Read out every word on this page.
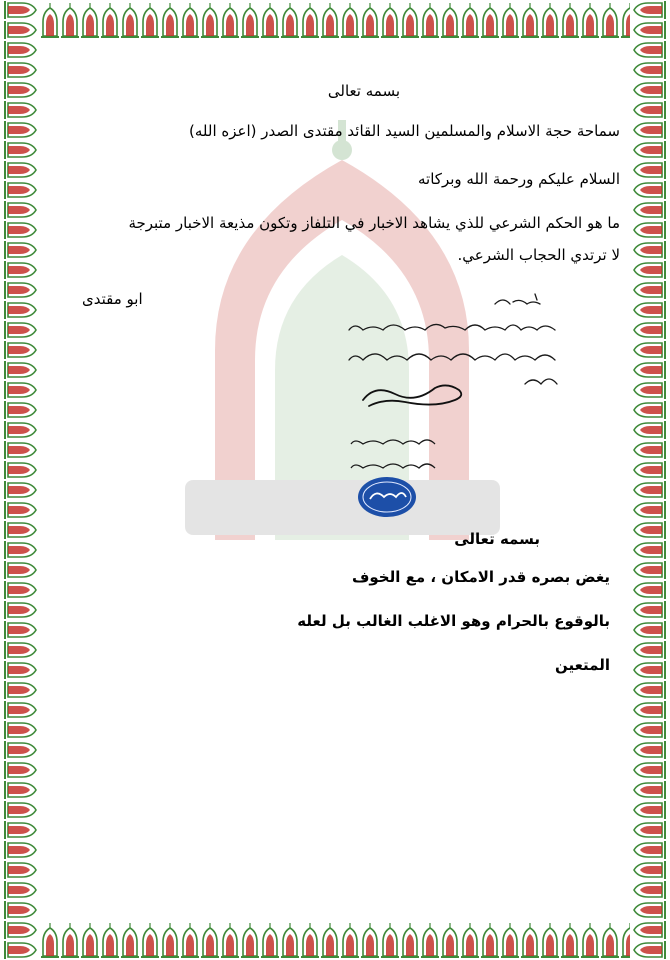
بسمه تعالى
سماحة حجة الاسلام والمسلمين السيد القائد مقتدى الصدر (اعزه الله)
السلام عليكم ورحمة الله وبركاته
ما هو الحكم الشرعي للذي يشاهد الاخبار في التلفاز وتكون مذيعة الاخبار متبرجة
لا ترتدي الحجاب الشرعي.
ابو مقتدى
بسمه تعالى
يغض بصره قدر الامكان ، مع الخوف
بالوقوع بالحرام وهو الاغلب الغالب بل لعله
المتعين
